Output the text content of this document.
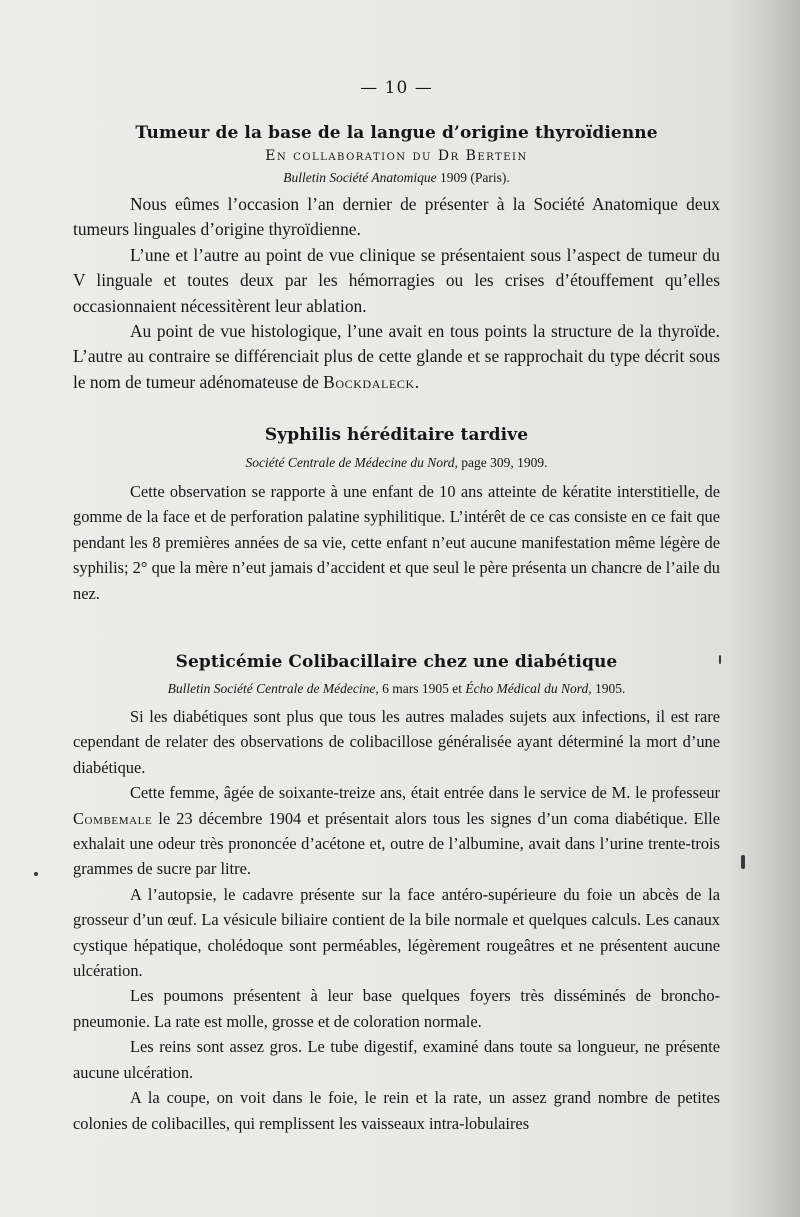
— 10 —
Tumeur de la base de la langue d’origine thyroïdienne
En collaboration du Dr Bertein
Bulletin Société Anatomique 1909 (Paris).

Nous eûmes l’occasion l’an dernier de présenter à la Société Anatomique deux tumeurs linguales d’origine thyroïdienne.

L’une et l’autre au point de vue clinique se présentaient sous l’aspect de tumeur du V linguale et toutes deux par les hémorragies ou les crises d’étouffement qu’elles occasionnaient nécessitèrent leur ablation.

Au point de vue histologique, l’une avait en tous points la structure de la thyroïde. L’autre au contraire se différenciait plus de cette glande et se rapprochait du type décrit sous le nom de tumeur adénomateuse de Bockdaleck.

Syphilis héréditaire tardive
Société Centrale de Médecine du Nord, page 309, 1909.

Cette observation se rapporte à une enfant de 10 ans atteinte de kératite interstitielle, de gomme de la face et de perforation palatine syphilitique. L’intérêt de ce cas consiste en ce fait que pendant les 8 premières années de sa vie, cette enfant n’eut aucune manifestation même légère de syphilis; 2° que la mère n’eut jamais d’accident et que seul le père présenta un chancre de l’aile du nez.

Septicémie Colibacillaire chez une diabétique
Bulletin Société Centrale de Médecine, 6 mars 1905 et Écho Médical du Nord, 1905.

Si les diabétiques sont plus que tous les autres malades sujets aux infections, il est rare cependant de relater des observations de colibacillose généralisée ayant déterminé la mort d’une diabétique.

Cette femme, âgée de soixante-treize ans, était entrée dans le service de M. le professeur Combemale le 23 décembre 1904 et présentait alors tous les signes d’un coma diabétique. Elle exhalait une odeur très prononcée d’acétone et, outre de l’albumine, avait dans l’urine trente-trois grammes de sucre par litre.

A l’autopsie, le cadavre présente sur la face antéro-supérieure du foie un abcès de la grosseur d’un œuf. La vésicule biliaire contient de la bile normale et quelques calculs. Les canaux cystique hépatique, cholédoque sont perméables, légèrement rougeâtres et ne présentent aucune ulcération.

Les poumons présentent à leur base quelques foyers très disséminés de broncho-pneumonie. La rate est molle, grosse et de coloration normale.

Les reins sont assez gros. Le tube digestif, examiné dans toute sa longueur, ne présente aucune ulcération.

A la coupe, on voit dans le foie, le rein et la rate, un assez grand nombre de petites colonies de colibacilles, qui remplissent les vaisseaux intra-lobulaires
